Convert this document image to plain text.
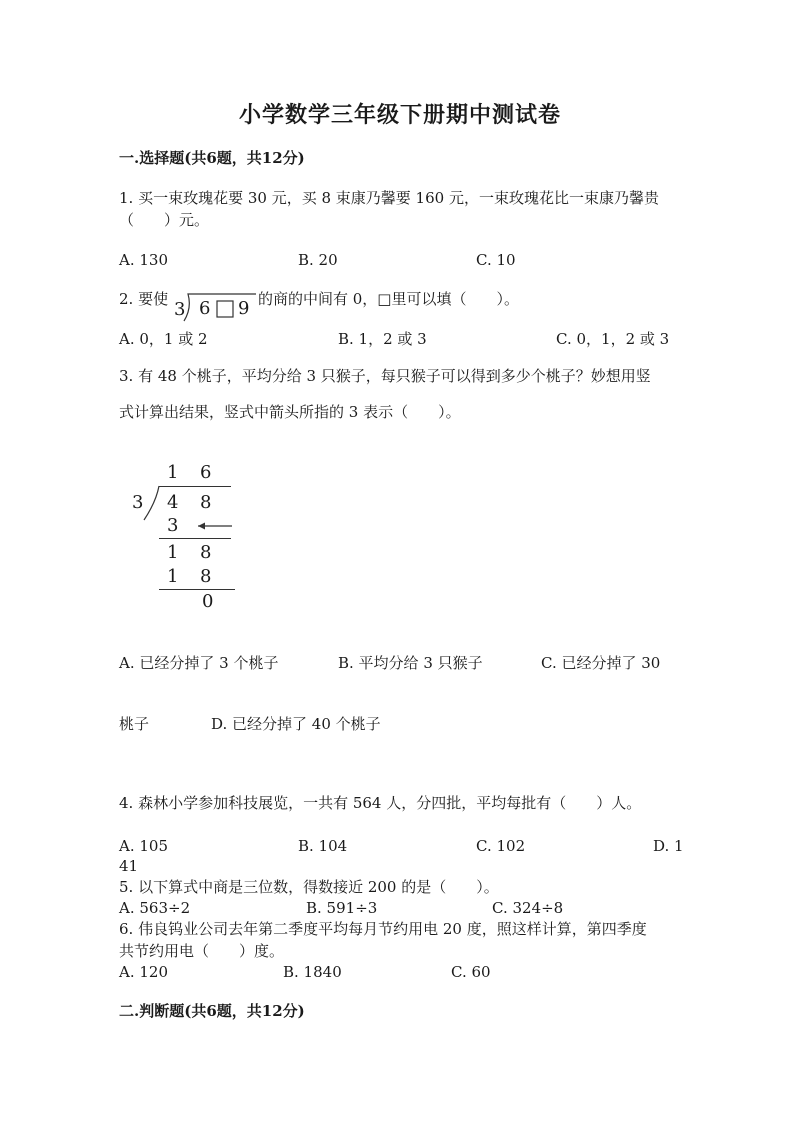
小学数学三年级下册期中测试卷
一.选择题(共6题，共12分)
1. 买一束玫瑰花要 30 元，买 8 束康乃馨要 160 元，一束玫瑰花比一束康乃馨贵
（　　）元。
A. 130	B. 20	C. 10
2. 要使 3 6 9 的商的中间有 0，□里可以填（　　）。
A. 0，1 或 2	B. 1，2 或 3	C. 0，1，2 或 3
3. 有 48 个桃子，平均分给 3 只猴子，每只猴子可以得到多少个桃子？妙想用竖
式计算出结果，竖式中箭头所指的 3 表示（　　）。
1 6
3 4 8
3
1 8
1 8
0
A. 已经分掉了 3 个桃子	B. 平均分给 3 只猴子	C. 已经分掉了 30
桃子	D. 已经分掉了 40 个桃子
4. 森林小学参加科技展览，一共有 564 人，分四批，平均每批有（　　）人。
A. 105	B. 104	C. 102	D. 1
41
5. 以下算式中商是三位数，得数接近 200 的是（　　）。
A. 563÷2	B. 591÷3	C. 324÷8
6. 伟良钨业公司去年第二季度平均每月节约用电 20 度，照这样计算，第四季度
共节约用电（　　）度。
A. 120	B. 1840	C. 60
二.判断题(共6题，共12分)
